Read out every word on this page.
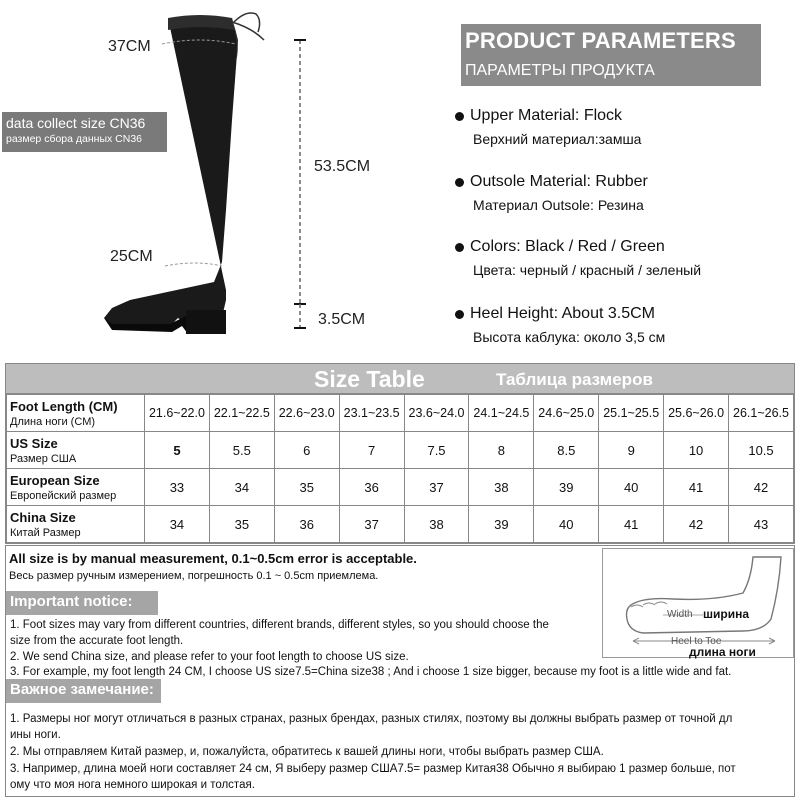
37CM
53.5CM
25CM
3.5CM
data collect size CN36
размер сбора данных CN36
PRODUCT PARAMETERS
ПАРАМЕТРЫ ПРОДУКТА
Upper Material: Flock
Верхний материал:замша
Outsole Material: Rubber
Материал Outsole: Резина
Colors: Black / Red / Green
Цвета: черный / красный / зеленый
Heel Height: About 3.5CM
Высота каблука: около 3,5 см
Size Table	Таблица размеров
Foot Length (CM)
Длина ноги (CM)	21.6~22.0	22.1~22.5	22.6~23.0	23.1~23.5	23.6~24.0	24.1~24.5	24.6~25.0	25.1~25.5	25.6~26.0	26.1~26.5

US Size
Размер США	5	5.5	6	7	7.5	8	8.5	9	10	10.5

European Size
Европейский размер	33	34	35	36	37	38	39	40	41	42

China Size
Китай Размер	34	35	36	37	38	39	40	41	42	43
All size is by manual measurement, 0.1~0.5cm error is acceptable.
Весь размер ручным измерением, погрешность 0.1 ~ 0.5cm приемлема.
Width ширина
Heel to Toe
длина ноги
Important notice:
1. Foot sizes may vary from different countries, different brands, different styles, so you should choose the
size from the accurate foot length.
2. We send China size, and please refer to your foot length to choose US size.
3. For example, my foot length 24 CM, I choose US size7.5=China size38 ; And i choose 1 size bigger, because my foot is a little wide and fat.
Важное замечание:
1. Размеры ног могут отличаться в разных странах, разных брендах, разных стилях, поэтому вы должны выбрать размер от точной дл
ины ноги.
2. Мы отправляем Китай размер, и, пожалуйста, обратитесь к вашей длины ноги, чтобы выбрать размер США.
3. Например, длина моей ноги составляет 24 см, Я выберу размер США7.5= размер Китая38 Обычно я выбираю 1 размер больше, пот
ому что моя нога немного широкая и толстая.
